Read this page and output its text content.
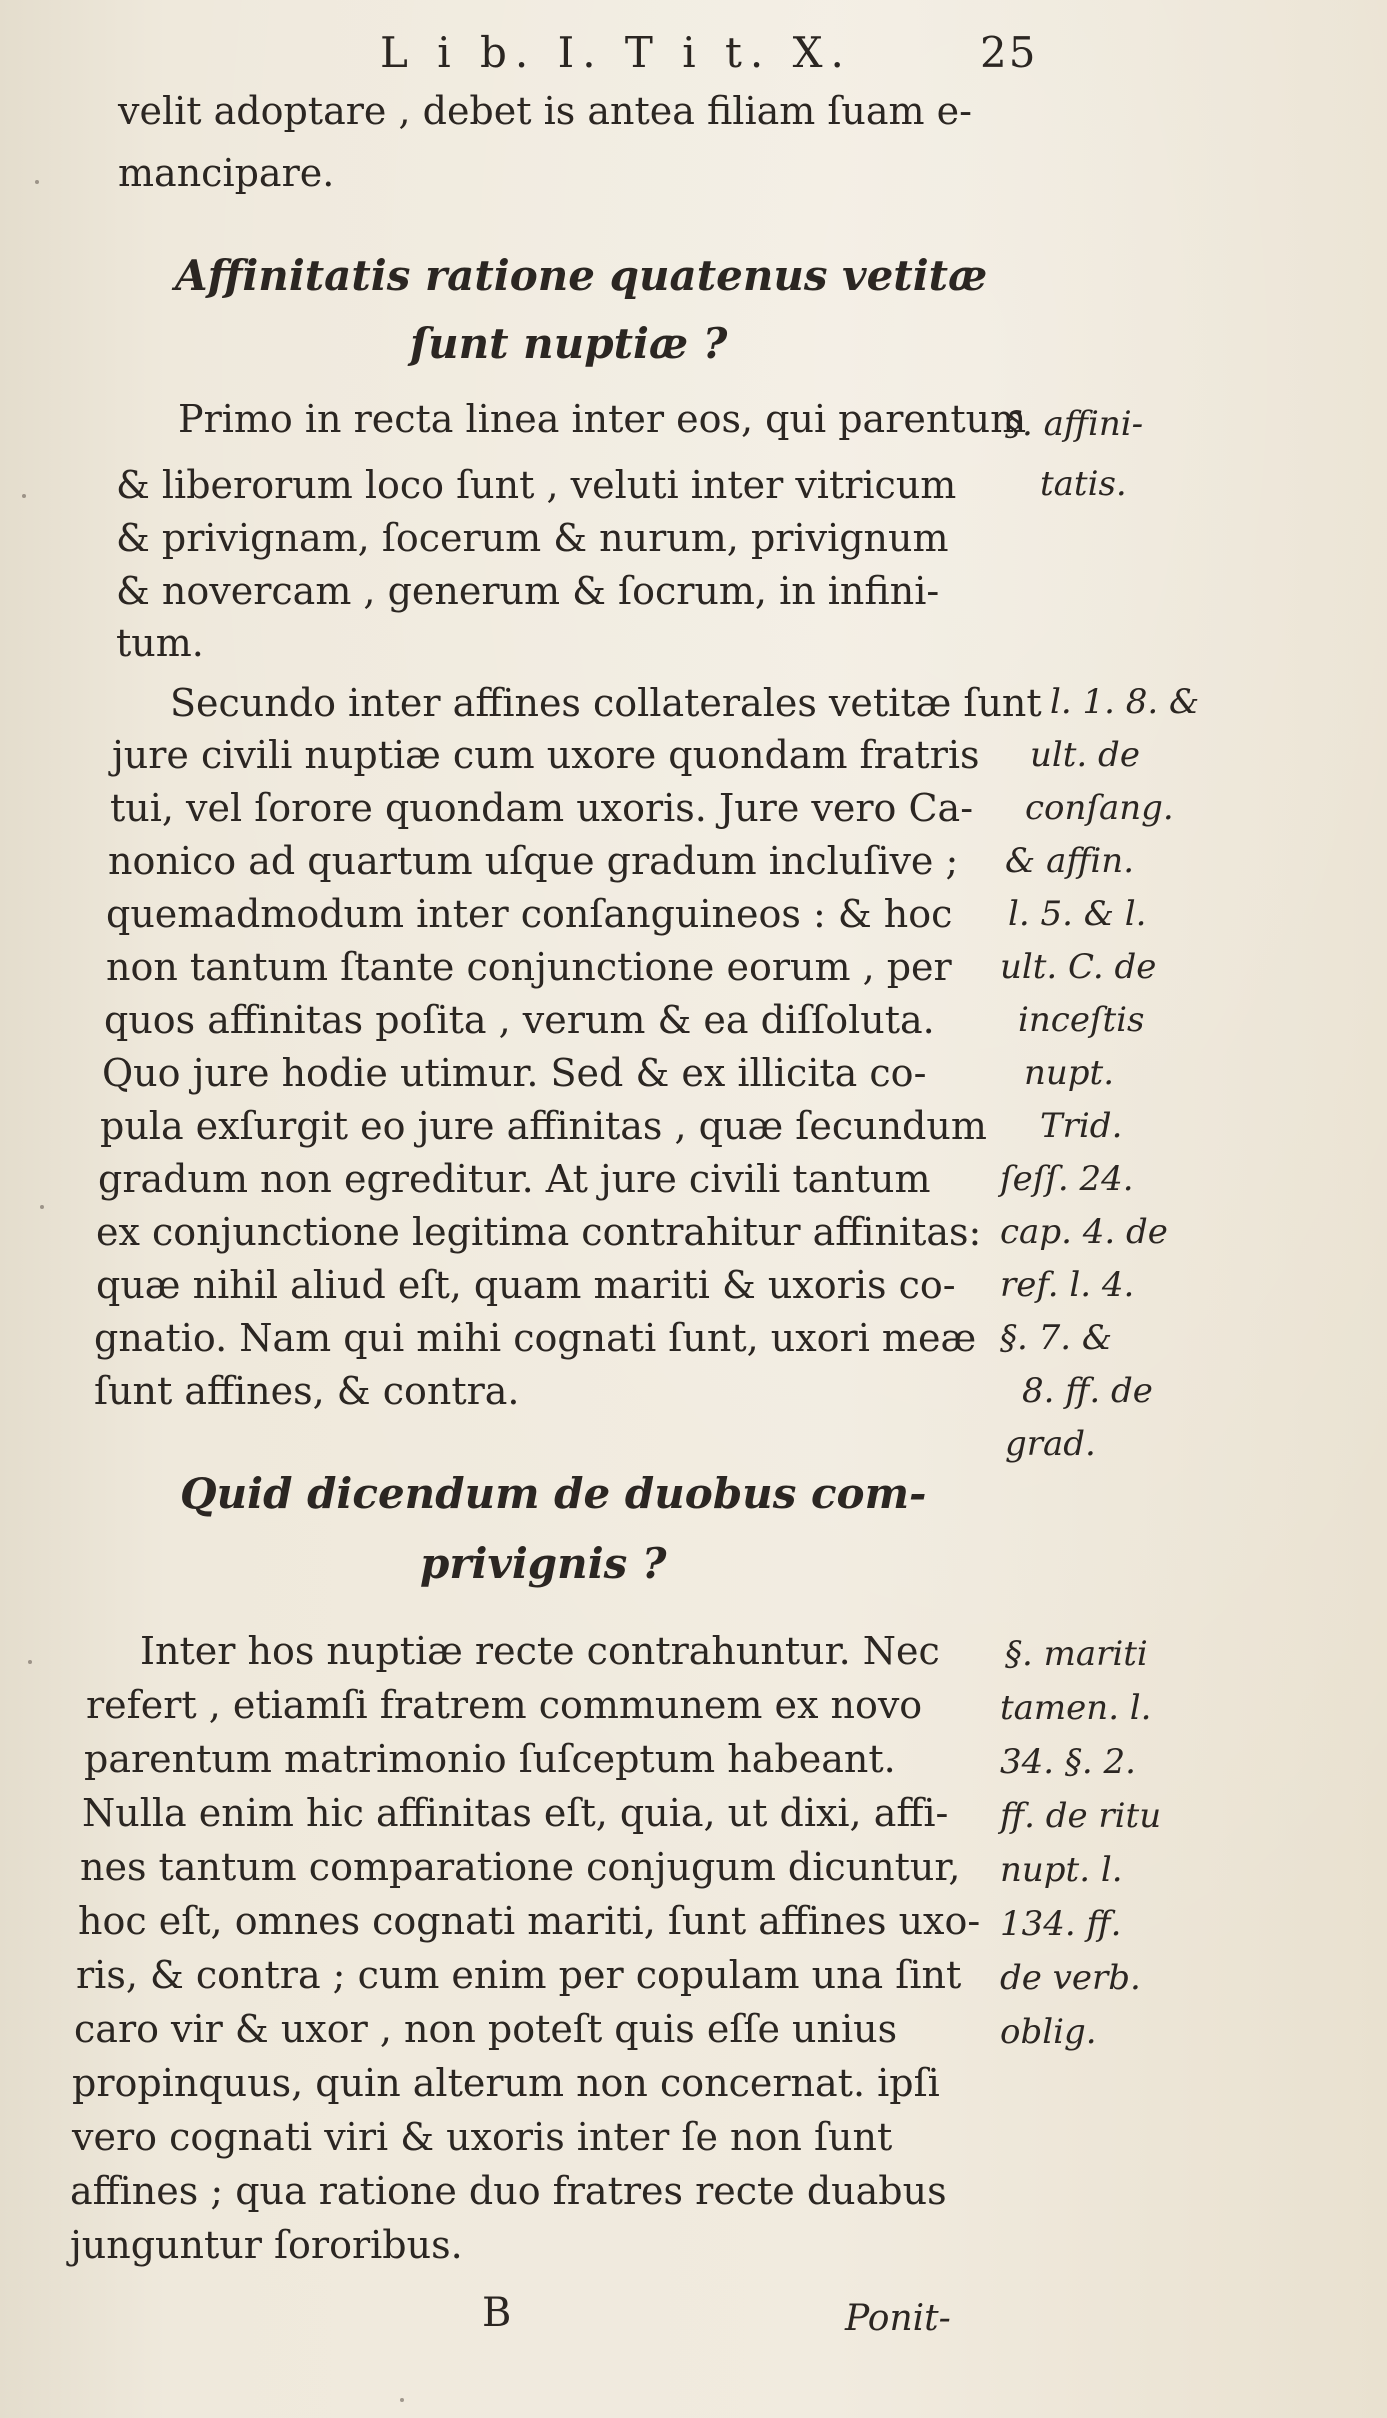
L i b. I. T i t. X.	25
velit adoptare , debet is antea filiam ſuam e-
mancipare.
Affinitatis ratione quatenus vetitæ
ſunt nuptiæ ?
Primo in recta linea inter eos, qui parentum
& liberorum loco ſunt , veluti inter vitricum
& privignam, ſocerum & nurum, privignum
& novercam , generum & ſocrum, in infini-
tum.
Secundo inter affines collaterales vetitæ ſunt
jure civili nuptiæ cum uxore quondam fratris
tui, vel ſorore quondam uxoris. Jure vero Ca-
nonico ad quartum uſque gradum incluſive ;
quemadmodum inter conſanguineos : & hoc
non tantum ſtante conjunctione eorum , per
quos affinitas poſita , verum & ea diſſoluta.
Quo jure hodie utimur. Sed & ex illicita co-
pula exſurgit eo jure affinitas , quæ ſecundum
gradum non egreditur. At jure civili tantum
ex conjunctione legitima contrahitur affinitas:
quæ nihil aliud eſt, quam mariti & uxoris co-
gnatio. Nam qui mihi cognati ſunt, uxori meæ
ſunt affines, & contra.
§. affini-
tatis.
l. 1. 8. &
ult. de
conſang.
& affin.
l. 5. & l.
ult. C. de
inceſtis
nupt.
Trid.
ſeſſ. 24.
cap. 4. de
ref. l. 4.
§. 7. &
8. ff. de
grad.
Quid dicendum de duobus com-
privignis ?
Inter hos nuptiæ recte contrahuntur. Nec
refert , etiamſi fratrem communem ex novo
parentum matrimonio ſuſceptum habeant.
Nulla enim hic affinitas eſt, quia, ut dixi, affi-
nes tantum comparatione conjugum dicuntur,
hoc eſt, omnes cognati mariti, ſunt affines uxo-
ris, & contra ; cum enim per copulam una ſint
caro vir & uxor , non poteſt quis eſſe unius
propinquus, quin alterum non concernat. ipſi
vero cognati viri & uxoris inter ſe non ſunt
affines ; qua ratione duo fratres recte duabus
junguntur ſororibus.
§. mariti
tamen. l.
34. §. 2.
ff. de ritu
nupt. l.
134. ff.
de verb.
oblig.
B	Ponit-
